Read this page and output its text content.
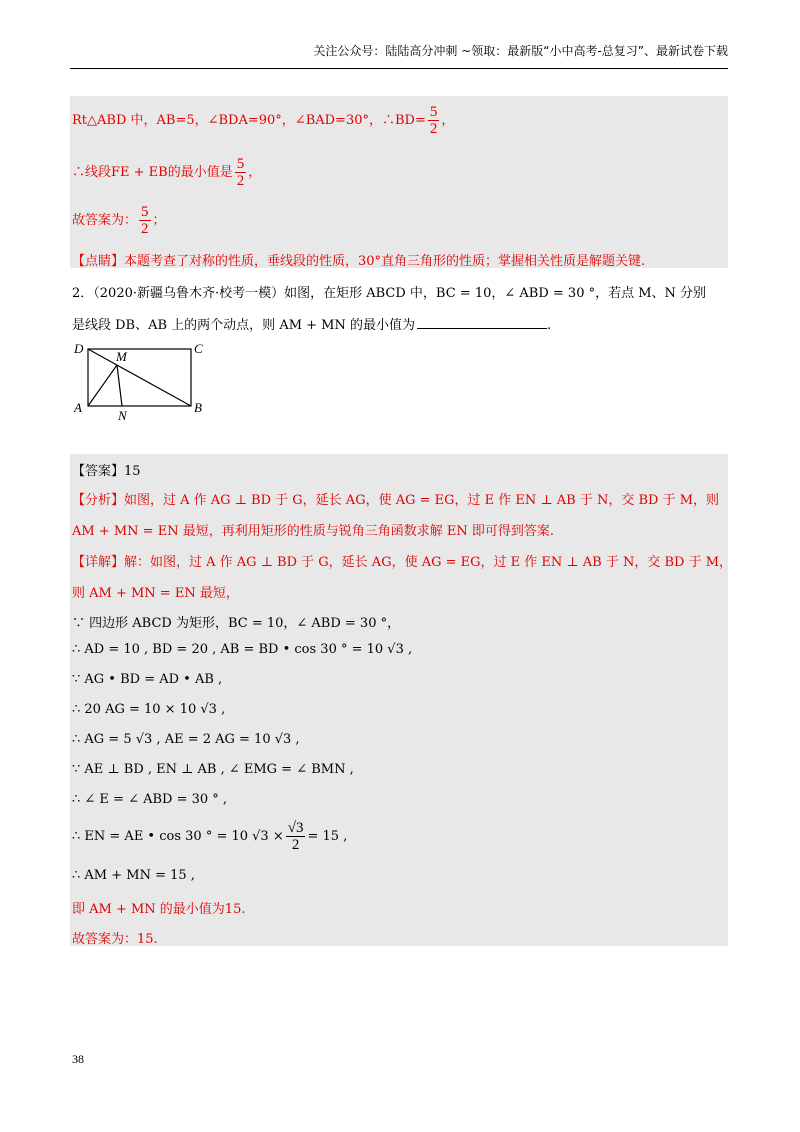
关注公众号：陆陆高分冲刺 ~领取：最新版“小中高考-总复习”、最新试卷下载
Rt△ABD 中，AB=5，∠BDA=90°，∠BAD=30°，∴BD= $\frac{5}{2}$ ，
∴线段FE + EB的最小值是 $\frac{5}{2}$ ，
故答案为： $\frac{5}{2}$ ；
【点睛】本题考查了对称的性质，垂线段的性质，30°直角三角形的性质；掌握相关性质是解题关键.
2．（2020·新疆乌鲁木齐·校考一模）如图，在矩形 ABCD 中，BC = 10，∠ ABD = 30 °，若点 M、N 分别
是线段 DB、AB 上的两个动点，则 AM + MN 的最小值为	.
D	C
A	B
M
N
【答案】15
【分析】如图，过 A 作 AG ⊥ BD 于 G，延长 AG，使 AG = EG，过 E 作 EN ⊥ AB 于 N，交 BD 于 M，则
AM + MN = EN 最短，再利用矩形的性质与锐角三角函数求解 EN 即可得到答案.
【详解】解：如图，过 A 作 AG ⊥ BD 于 G，延长 AG，使 AG = EG，过 E 作 EN ⊥ AB 于 N，交 BD 于 M，
则 AM + MN = EN 最短，
∵ 四边形 ABCD 为矩形，BC = 10，∠ ABD = 30 °，
∴ AD = 10 , BD = 20 , AB = BD • cos 30 ° = 10 √3 ,
∵ AG • BD = AD • AB ,
∴ 20 AG = 10 × 10 √3 ,
∴ AG = 5 √3 , AE = 2 AG = 10 √3 ,
∵ AE ⊥ BD , EN ⊥ AB , ∠ EMG = ∠ BMN ,
∴ ∠ E = ∠ ABD = 30 ° ,
∴ EN = AE • cos 30 ° = 10 $√3 \times \frac{√3}{2} = 15$ ,
∴ AM + MN = 15 ,
即 AM + MN 的最小值为15.
故答案为：15.
38
